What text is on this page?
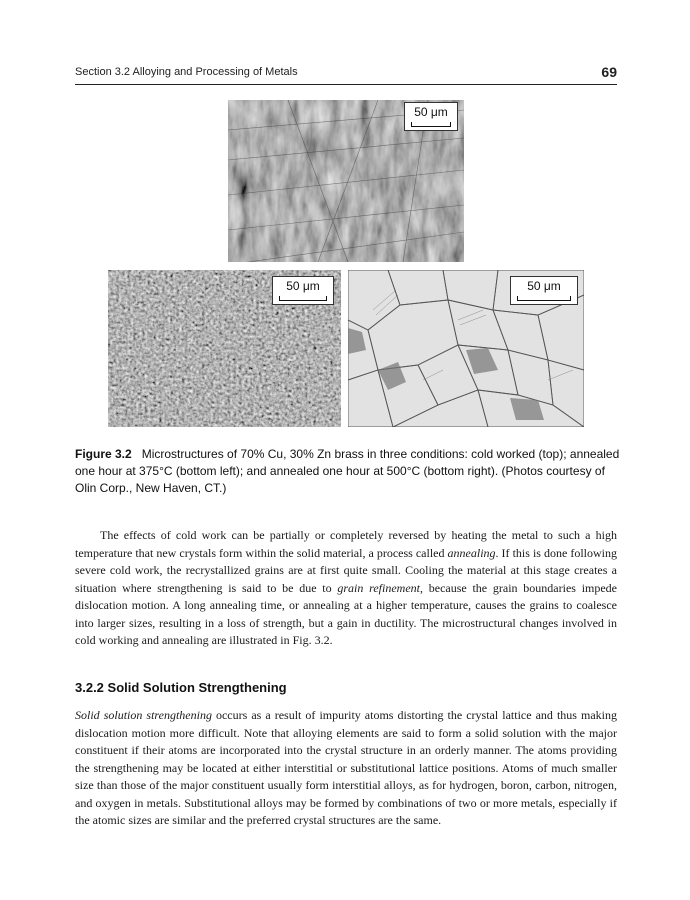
Section 3.2 Alloying and Processing of Metals	69
50 μm
50 μm	50 μm
Figure 3.2 Microstructures of 70% Cu, 30% Zn brass in three conditions: cold worked (top); annealed one hour at 375°C (bottom left); and annealed one hour at 500°C (bottom right). (Photos courtesy of Olin Corp., New Haven, CT.)
The effects of cold work can be partially or completely reversed by heating the metal to such a high temperature that new crystals form within the solid material, a process called annealing. If this is done following severe cold work, the recrystallized grains are at first quite small. Cooling the material at this stage creates a situation where strengthening is said to be due to grain refinement, because the grain boundaries impede dislocation motion. A long annealing time, or annealing at a higher temperature, causes the grains to coalesce into larger sizes, resulting in a loss of strength, but a gain in ductility. The microstructural changes involved in cold working and annealing are illustrated in Fig. 3.2.
3.2.2 Solid Solution Strengthening
Solid solution strengthening occurs as a result of impurity atoms distorting the crystal lattice and thus making dislocation motion more difficult. Note that alloying elements are said to form a solid solution with the major constituent if their atoms are incorporated into the crystal structure in an orderly manner. The atoms providing the strengthening may be located at either interstitial or substitutional lattice positions. Atoms of much smaller size than those of the major constituent usually form interstitial alloys, as for hydrogen, boron, carbon, nitrogen, and oxygen in metals. Substitutional alloys may be formed by combinations of two or more metals, especially if the atomic sizes are similar and the preferred crystal structures are the same.
